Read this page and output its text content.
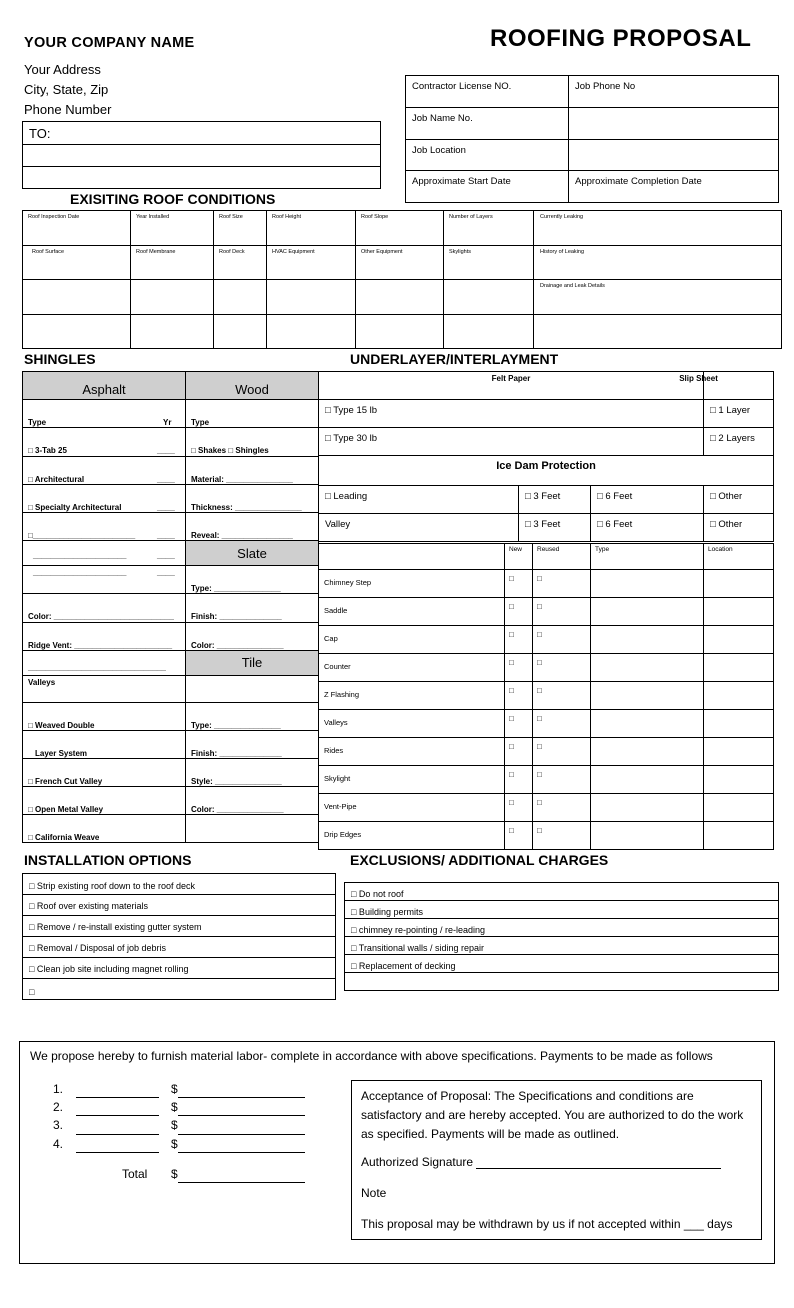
YOUR COMPANY NAME	ROOFING PROPOSAL
Your Address
City, State, Zip
Phone Number
TO:

Contractor License NO.	Job Phone No

Job Name No.	

Job Location	

Approximate Start Date	Approximate Completion Date
EXISITING ROOF CONDITIONS
Roof Inspection Date	Year Installed	Roof Size	Roof Height	Roof Slope	Number of Layers	Currently Leaking

Roof Surface	Roof Membrane	Roof Deck	HVAC Equipment	Other Equipment	Skylights	History of Leaking

						Drainage and Leak Details

SHINGLES	UNDERLAYER/INTERLAYMENT
Asphalt	Wood

Type Yr	Type

□ 3-Tab 25 ____	□ Shakes □ Shingles

□ Architectural ____	Material: _______________

□ Specialty Architectural ____	Thickness: _______________

□_______________________ ____	Reveal: ________________

_____________________ ____	Slate

_____________________ ____	Type: _______________

Color: ___________________________	Finish: ______________

Ridge Vent: ______________________	Color: _______________

_______________________________	Tile

Valleys	

□ Weaved Double	Type: _______________

Layer System	Finish: ______________

□ French Cut Valley	Style: _______________

□ Open Metal Valley	Color: _______________

□ California Weave	

Felt Paper			Slip Sheet

□ Type 15 lb			□ 1 Layer

□ Type 30 lb			□ 2 Layers

Ice Dam Protection			

□ Leading	□ 3 Feet	□ 6 Feet	□ Other

Valley	□ 3 Feet	□ 6 Feet	□ Other

	New	Reused	Type	Location

Chimney Step	□	□		

Saddle	□	□		

Cap	□	□		

Counter	□	□		

Z Flashing	□	□		

Valleys	□	□		

Rides	□	□		

Skylight	□	□		

Vent-Pipe	□	□		

Drip Edges	□	□		

INSTALLATION OPTIONS
□ Strip existing roof down to the roof deck

□ Roof over existing materials

□ Remove / re-install existing gutter system

□ Removal / Disposal of job debris

□ Clean job site including magnet rolling

□
EXCLUSIONS/ ADDITIONAL CHARGES
□ Do not roof

□ Building permits

□ chimney re-pointing / re-leading

□ Transitional walls / siding repair

□ Replacement of decking

We propose hereby to furnish material labor- complete in accordance with above specifications. Payments to be made as follows
1.	$
2.	$
3.	$
4.	$
Total $
Acceptance of Proposal: The Specifications and conditions are satisfactory and are hereby accepted. You are authorized to do the work as specified. Payments will be made as outlined.
Authorized Signature
Note
This proposal may be withdrawn by us if not accepted within ___ days
